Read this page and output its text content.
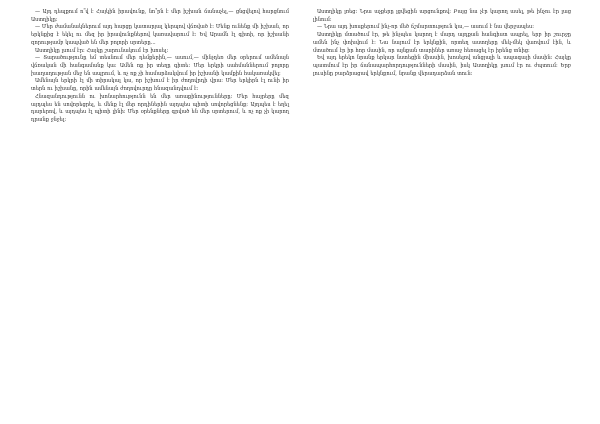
— Այդ դեպքում ո՞վ է Հայկին իրավունք, նո՞րն է մեր իշխան ճանաչել,— ցնցվելով հարցնում Աստղիկը:

— Մեր ժամանակներում այդ հարցը կատարյալ կերպով վճռված է: Մենք ունենք մի իշխան, որ երկնքից է եկել ու մեզ իր իրավունքներով կառավարում է: Եվ Արամն էլ գիտի, որ իշխանի զորությամբ կապված են մեր բոլորի սրտերը...

Աստղիկը լսում էր։ Հայկը շարունակում էր խոսել:

— Տարածությունը եմ տեսնում մեր դեմքերին,— ասում,— մինչդեռ մեր օրերում ամենայն վճռական մի հանգամանք կա: Ամեն ոք իր տեղը գիտե: Մեր երկրի սահմաններում բոլորը խաղաղության մեջ են ապրում, և ոչ ոք չի համարձակվում իր իշխանի կամքին հակառակվել:

Ամենայն երկրի էլ մի տիրակալ կա, որ իշխում է իր ժողովրդի վրա: Մեր երկիրն էլ ունի իր տերն ու իշխանը, որին ամենայն ժողովուրդը հնազանդվում է:

Հնազանդությունն ու խոնարհությունն են մեր առաքինությունները: Մեր հայրերը մեզ այդպես են սովորեցրել, և մենք էլ մեր որդիներին այդպես պիտի սովորեցնենք: Այդպես է եղել դարերով, և այդպես էլ պիտի լինի: Մեր օրենքները գրված են մեր սրտերում, և ոչ ոք չի կարող դրանք ջնջել:

Աստղիկը լռեց: Նրա աչքերը լցվեցին արցունքով: Բայց նա չէր կարող ասել, թե ինչու էր լաց լինում:

— Նրա այդ խոսքերում ինչ-որ մեծ ճշմարտություն կա,— ասում է նա վերջապես:

Աստղիկը մտածում էր, թե ինչպես կարող է մարդ այդքան հանգիստ ապրել, երբ իր շուրջը ամեն ինչ փոխվում է: Նա նայում էր երկնքին, որտեղ աստղերը մեկ-մեկ վառվում էին, և մտածում էր իր հոր մասին, որ այնքան տարիներ առաջ հեռացել էր իրենց տնից:

Եվ այդ երեկո նրանք երկար նստեցին միասին, խոսելով անցյալի և ապագայի մասին: Հայկը պատմում էր իր ճանապարհորդությունների մասին, իսկ Աստղիկը լսում էր ու ժպտում: Երբ լուսինը բարձրացավ երկնքում, նրանք վերադարձան տուն:
